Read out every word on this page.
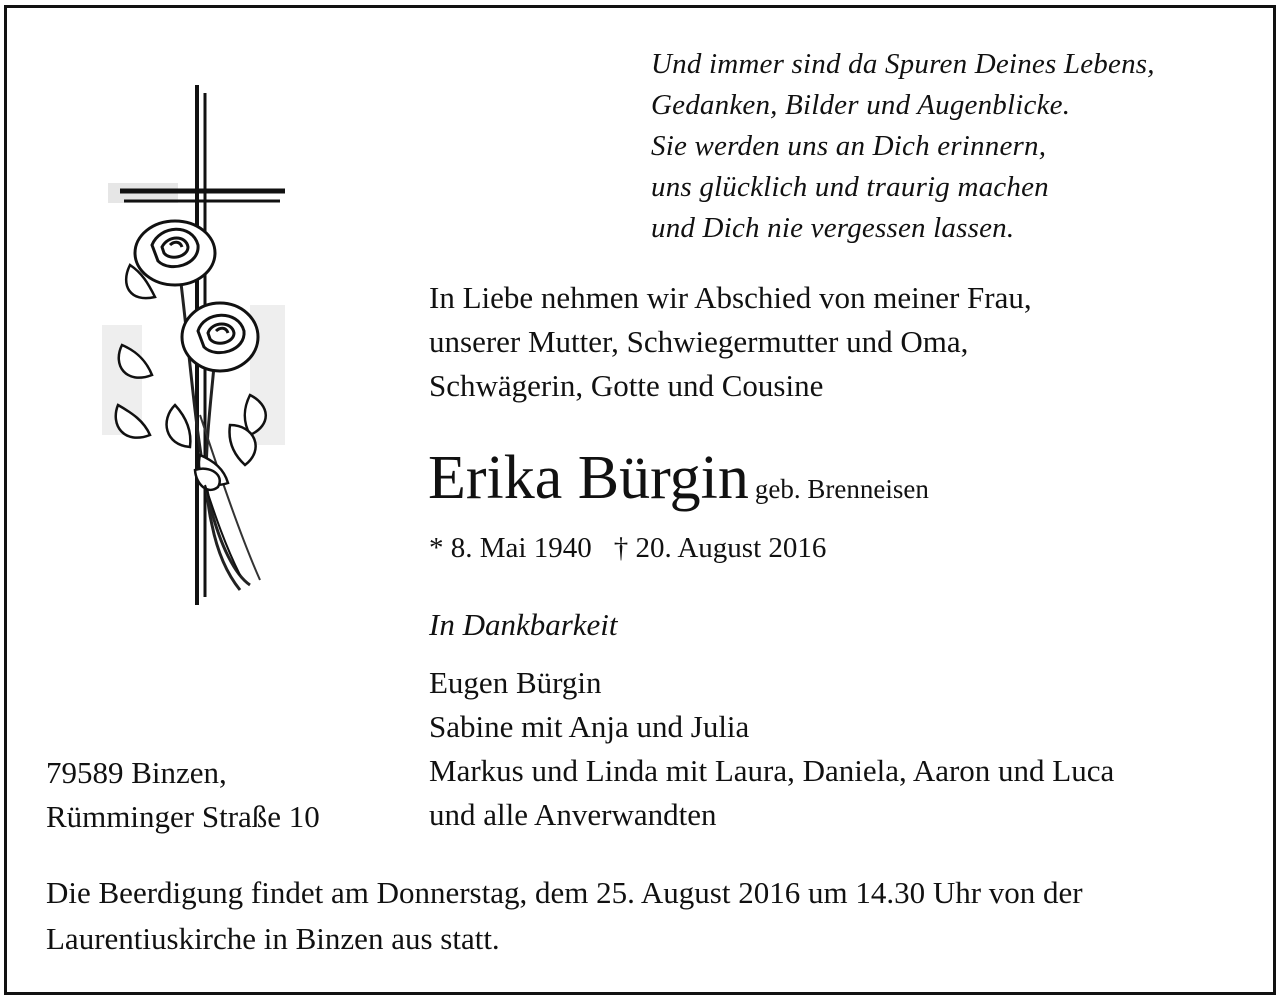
Und immer sind da Spuren Deines Lebens,
Gedanken, Bilder und Augenblicke.
Sie werden uns an Dich erinnern,
uns glücklich und traurig machen
und Dich nie vergessen lassen.
In Liebe nehmen wir Abschied von meiner Frau,
unserer Mutter, Schwiegermutter und Oma,
Schwägerin, Gotte und Cousine
Erika Bürgin geb. Brenneisen
* 8. Mai 1940 † 20. August 2016
In Dankbarkeit
Eugen Bürgin
Sabine mit Anja und Julia
Markus und Linda mit Laura, Daniela, Aaron und Luca
und alle Anverwandten
79589 Binzen,
Rümminger Straße 10
Die Beerdigung findet am Donnerstag, dem 25. August 2016 um 14.30 Uhr von der
Laurentiuskirche in Binzen aus statt.
